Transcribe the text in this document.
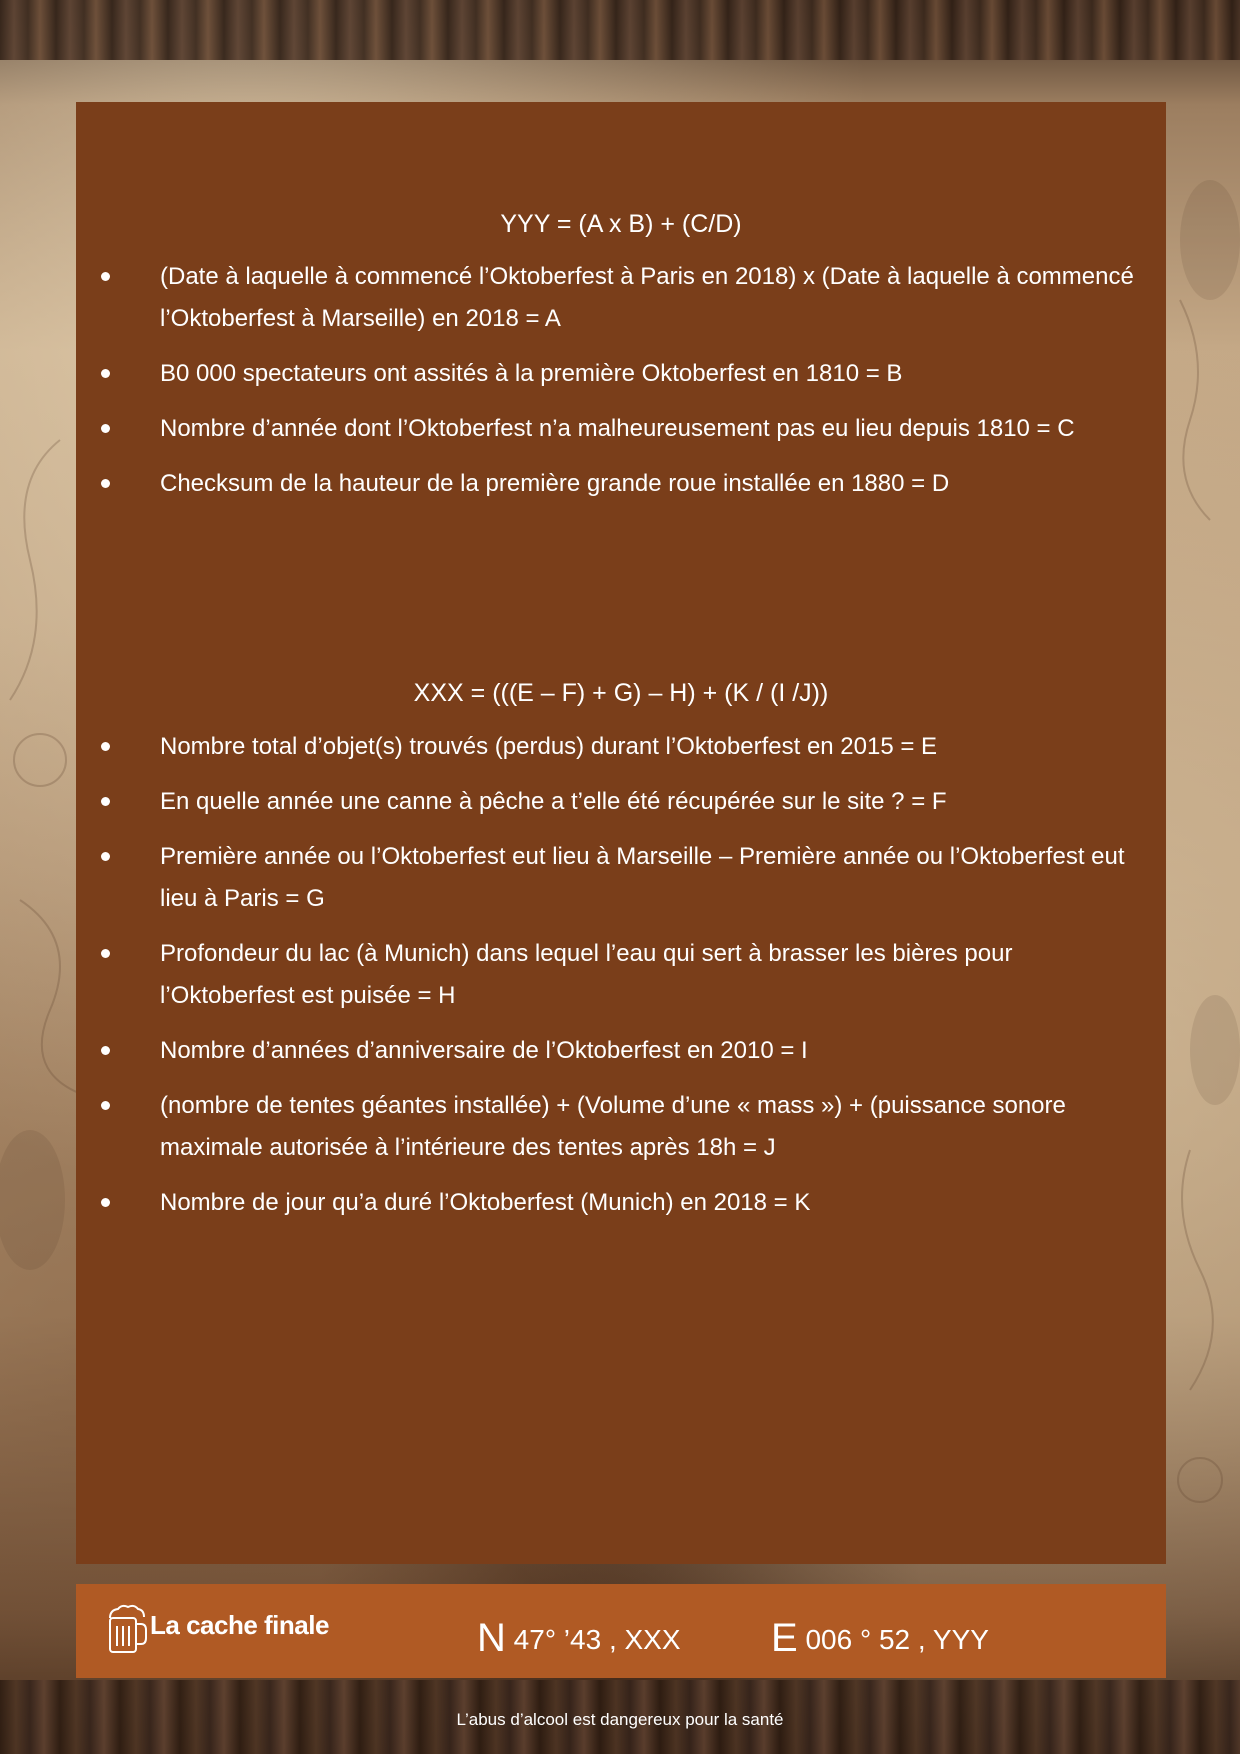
YYY = (A x B) + (C/D)

(Date à laquelle à commencé l’Oktoberfest à Paris en 2018) x (Date à laquelle à commencé l’Oktoberfest à Marseille) en 2018 = A
B0 000 spectateurs ont assités à la première Oktoberfest en 1810 = B
Nombre d’année dont l’Oktoberfest n’a malheureusement pas eu lieu depuis 1810 = C
Checksum de la hauteur de la première grande roue installée en 1880 = D

XXX = (((E – F) + G) – H) + (K / (I /J))

Nombre total d’objet(s) trouvés (perdus) durant l’Oktoberfest en 2015 = E
En quelle année une canne à pêche a t’elle été récupérée sur le site ? = F
Première année ou l’Oktoberfest eut lieu à Marseille – Première année ou l’Oktoberfest eut lieu à Paris = G
Profondeur du lac (à Munich) dans lequel l’eau qui sert à brasser les bières pour l’Oktoberfest est puisée = H
Nombre d’années d’anniversaire de l’Oktoberfest en 2010 = I
(nombre de tentes géantes installée) + (Volume d’une « mass ») + (puissance sonore maximale autorisée à l’intérieure des tentes après 18h = J
Nombre de jour qu’a duré l’Oktoberfest (Munich) en 2018 = K
La cache finale	N 47° ’43 , XXX E 006 ° 52 , YYY
L’abus d’alcool est dangereux pour la santé
